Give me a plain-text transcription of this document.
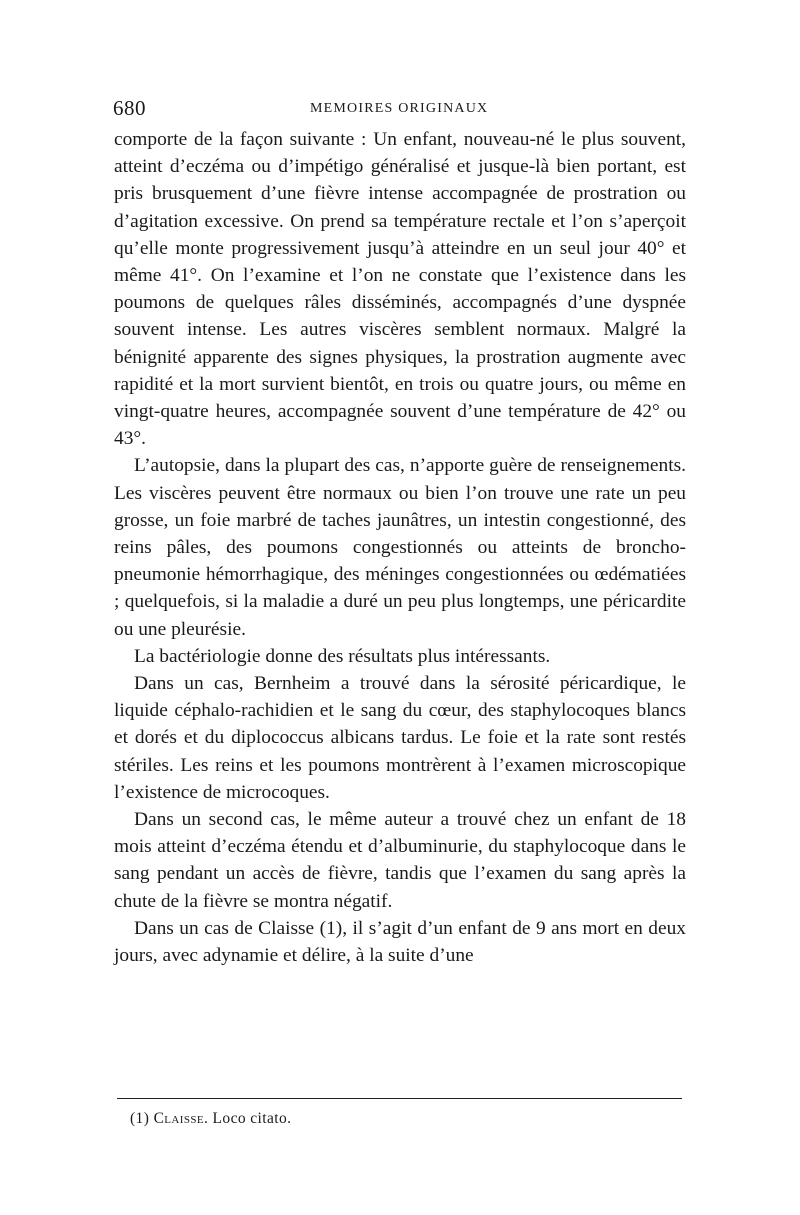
680	MEMOIRES ORIGINAUX

comporte de la façon suivante : Un enfant, nouveau-né le plus souvent, atteint d’eczéma ou d’impétigo généralisé et jusque-là bien portant, est pris brusquement d’une fièvre intense accompagnée de prostration ou d’agitation excessive. On prend sa température rectale et l’on s’aperçoit qu’elle monte progressivement jusqu’à atteindre en un seul jour 40° et même 41°. On l’examine et l’on ne constate que l’existence dans les poumons de quelques râles disséminés, accompagnés d’une dyspnée souvent intense. Les autres viscères semblent normaux. Malgré la bénignité apparente des signes physiques, la prostration augmente avec rapidité et la mort survient bientôt, en trois ou quatre jours, ou même en vingt-quatre heures, accompagnée souvent d’une température de 42° ou 43°.

L’autopsie, dans la plupart des cas, n’apporte guère de renseignements. Les viscères peuvent être normaux ou bien l’on trouve une rate un peu grosse, un foie marbré de taches jaunâtres, un intestin congestionné, des reins pâles, des poumons congestionnés ou atteints de broncho-pneumonie hémorrhagique, des méninges congestionnées ou œdématiées ; quelquefois, si la maladie a duré un peu plus longtemps, une péricardite ou une pleurésie.

La bactériologie donne des résultats plus intéressants.

Dans un cas, Bernheim a trouvé dans la sérosité péricardique, le liquide céphalo-rachidien et le sang du cœur, des staphylocoques blancs et dorés et du diplococcus albicans tardus. Le foie et la rate sont restés stériles. Les reins et les poumons montrèrent à l’examen microscopique l’existence de microcoques.

Dans un second cas, le même auteur a trouvé chez un enfant de 18 mois atteint d’eczéma étendu et d’albuminurie, du staphylocoque dans le sang pendant un accès de fièvre, tandis que l’examen du sang après la chute de la fièvre se montra négatif.

Dans un cas de Claisse (1), il s’agit d’un enfant de 9 ans mort en deux jours, avec adynamie et délire, à la suite d’une

(1) Claisse. Loco citato.
